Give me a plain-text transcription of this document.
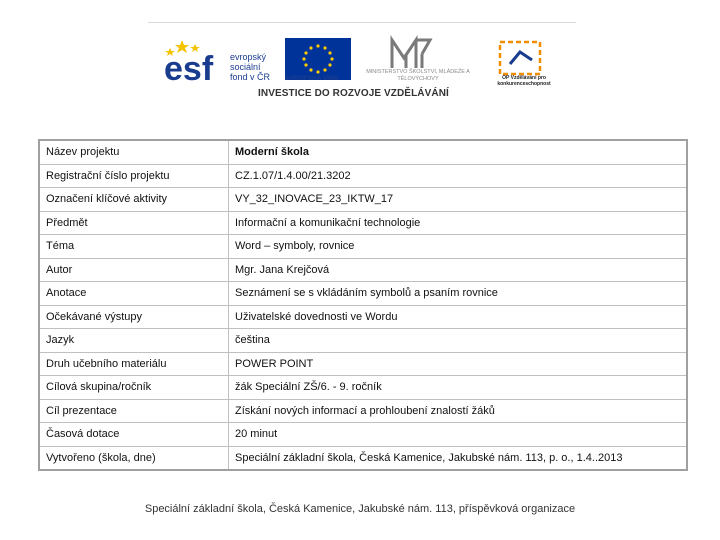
esf evropský
sociální
fond v ČR EVROPSKÁ UNIE
MINISTERSTVO ŠKOLSTVÍ, MLÁDEŽE A TĚLOVÝCHOVY	OP Vzdělávání pro konkurenceschopnost
INVESTICE DO ROZVOJE VZDĚLÁVÁNÍ
Název projektu	Moderní škola
Registrační číslo projektu	CZ.1.07/1.4.00/21.3202
Označení klíčové aktivity	VY_32_INOVACE_23_IKTW_17
Předmět	Informační a komunikační technologie
Téma	Word – symboly, rovnice
Autor	Mgr. Jana Krejčová
Anotace	Seznámení se s vkládáním symbolů a psaním rovnice
Očekávané výstupy	Uživatelské dovednosti ve Wordu
Jazyk	čeština
Druh učebního materiálu	POWER POINT
Cílová skupina/ročník	žák Speciální ZŠ/6. - 9. ročník
Cíl prezentace	Získání nových informací a prohloubení znalostí žáků
Časová dotace	20 minut
Vytvořeno (škola, dne)	Speciální základní škola, Česká Kamenice, Jakubské nám. 113, p. o., 1.4..2013
Speciální základní škola, Česká Kamenice, Jakubské nám. 113, příspěvková organizace
